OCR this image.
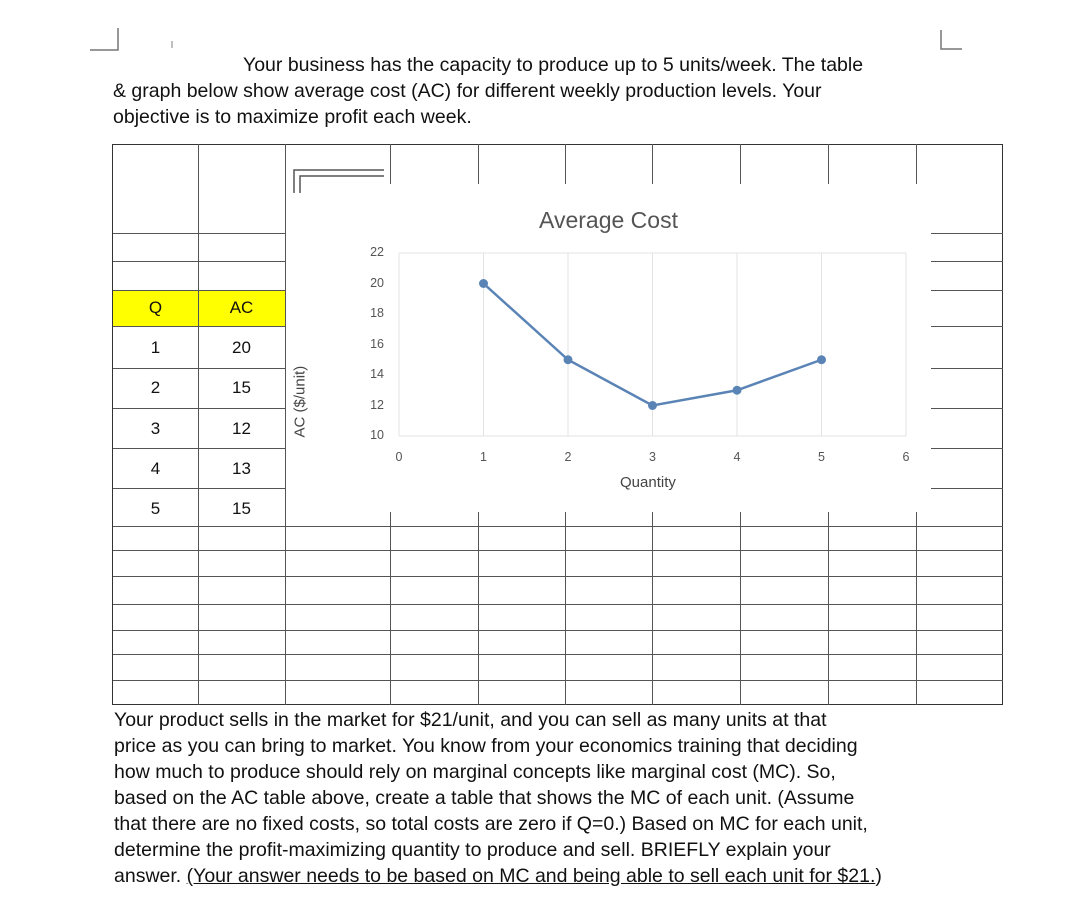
Your business has the capacity to produce up to 5 units/week. The table
& graph below show average cost (AC) for different weekly production levels. Your
objective is to maximize profit each week.
Q	AC
1	20
2	15
3	12
4	13
5	15
Average Cost
AC ($/unit)
Quantity
10
12
14
16
18
20
22
0	1	2	3	4	5	6
Your product sells in the market for $21/unit, and you can sell as many units at that
price as you can bring to market. You know from your economics training that deciding
how much to produce should rely on marginal concepts like marginal cost (MC). So,
based on the AC table above, create a table that shows the MC of each unit. (Assume
that there are no fixed costs, so total costs are zero if Q=0.) Based on MC for each unit,
determine the profit-maximizing quantity to produce and sell. BRIEFLY explain your
answer. (Your answer needs to be based on MC and being able to sell each unit for $21.)
